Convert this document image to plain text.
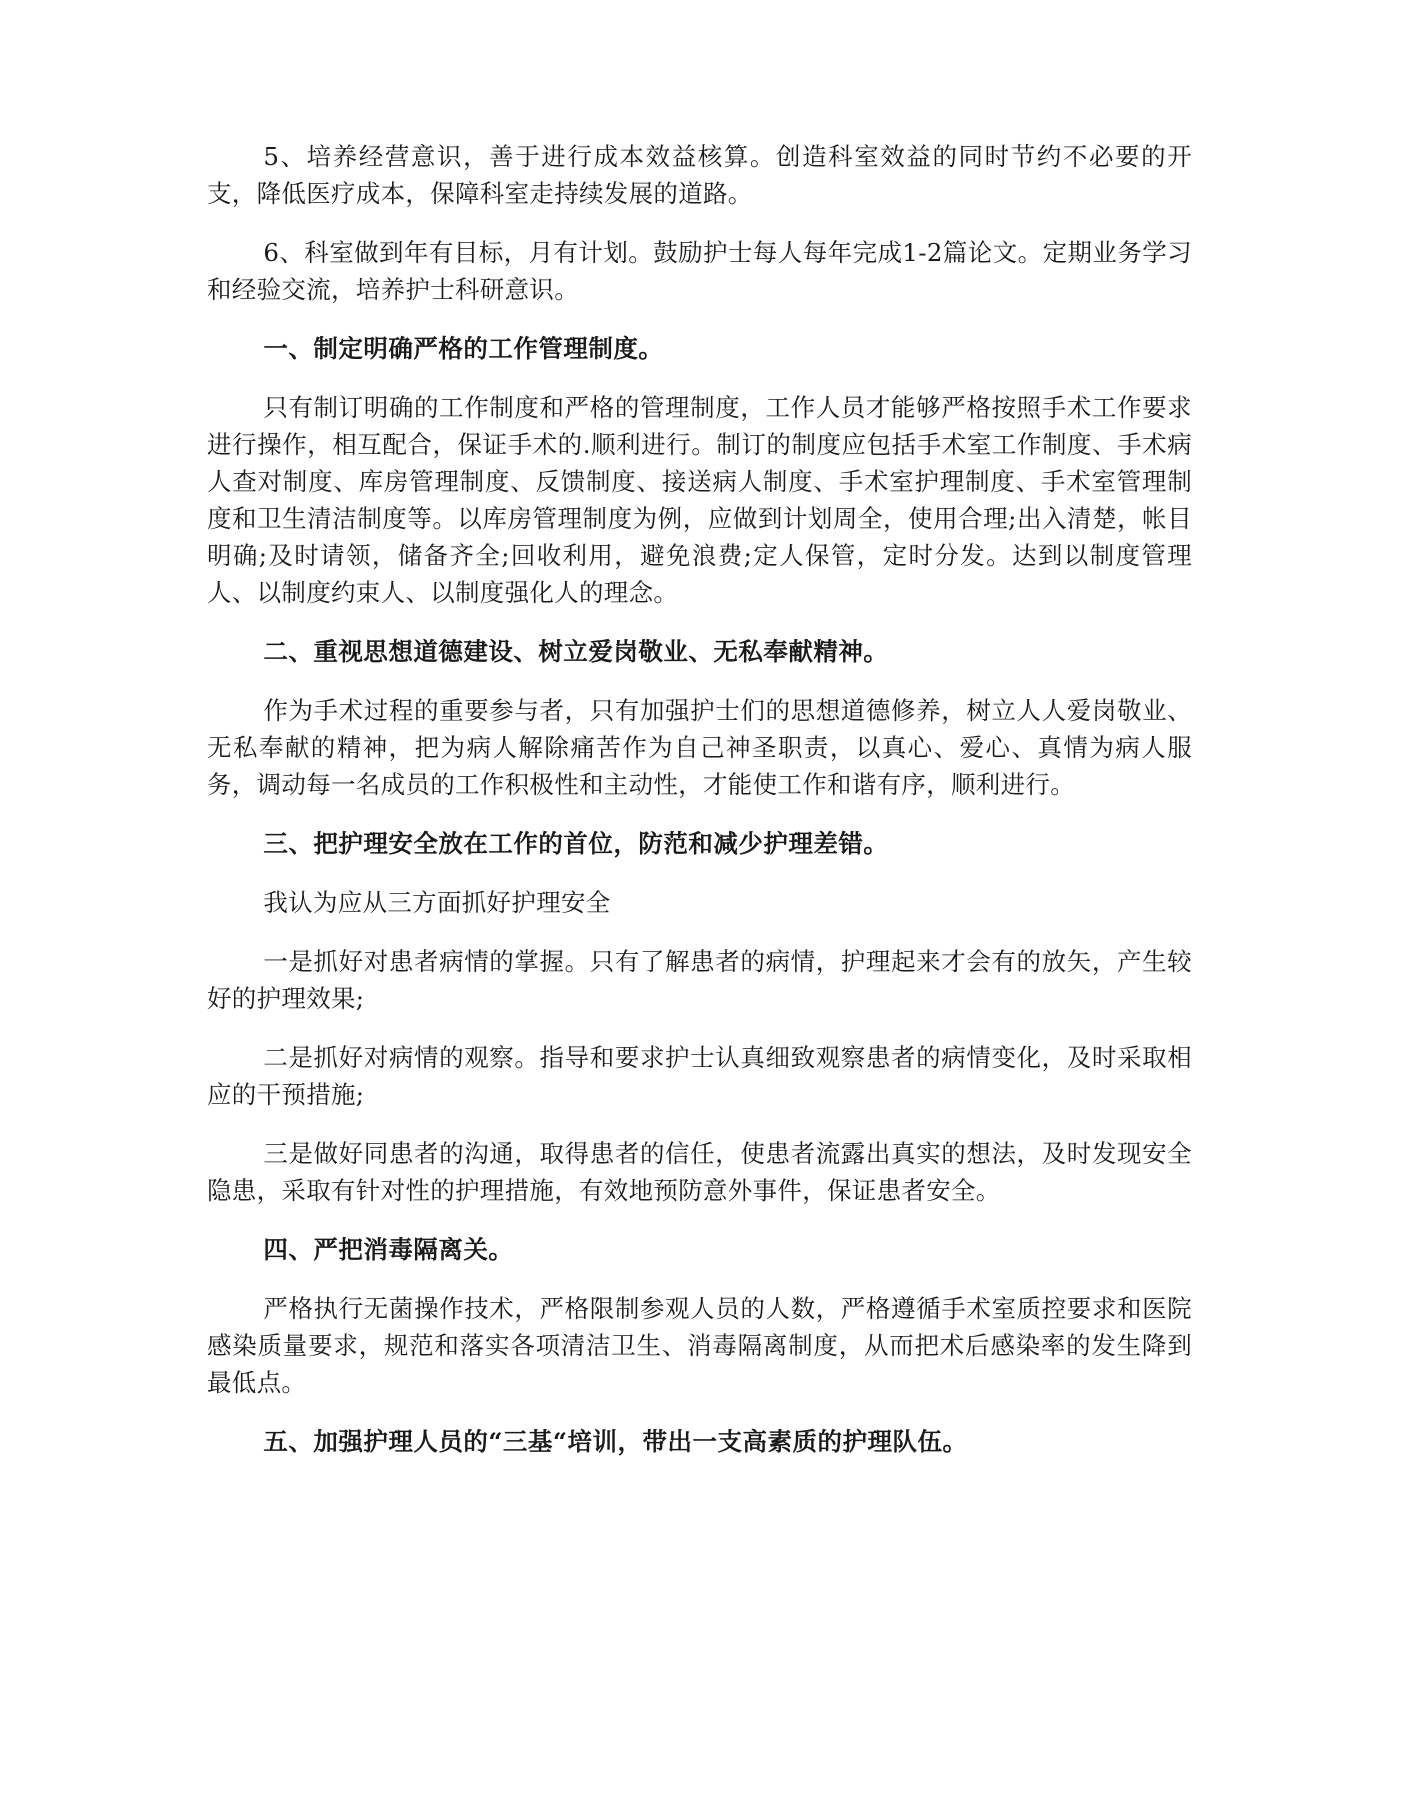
5、培养经营意识，善于进行成本效益核算。创造科室效益的同时节约不必要的开支，降低医疗成本，保障科室走持续发展的道路。

6、科室做到年有目标，月有计划。鼓励护士每人每年完成1-2篇论文。定期业务学习和经验交流，培养护士科研意识。

一、制定明确严格的工作管理制度。

只有制订明确的工作制度和严格的管理制度，工作人员才能够严格按照手术工作要求进行操作，相互配合，保证手术的.顺利进行。制订的制度应包括手术室工作制度、手术病人查对制度、库房管理制度、反馈制度、接送病人制度、手术室护理制度、手术室管理制度和卫生清洁制度等。以库房管理制度为例，应做到计划周全，使用合理;出入清楚，帐目明确;及时请领，储备齐全;回收利用，避免浪费;定人保管，定时分发。达到以制度管理人、以制度约束人、以制度强化人的理念。

二、重视思想道德建设、树立爱岗敬业、无私奉献精神。

作为手术过程的重要参与者，只有加强护士们的思想道德修养，树立人人爱岗敬业、无私奉献的精神，把为病人解除痛苦作为自己神圣职责，以真心、爱心、真情为病人服务，调动每一名成员的工作积极性和主动性，才能使工作和谐有序，顺利进行。

三、把护理安全放在工作的首位，防范和减少护理差错。

我认为应从三方面抓好护理安全

一是抓好对患者病情的掌握。只有了解患者的病情，护理起来才会有的放矢，产生较好的护理效果;

二是抓好对病情的观察。指导和要求护士认真细致观察患者的病情变化，及时采取相应的干预措施;

三是做好同患者的沟通，取得患者的信任，使患者流露出真实的想法，及时发现安全隐患，采取有针对性的护理措施，有效地预防意外事件，保证患者安全。

四、严把消毒隔离关。

严格执行无菌操作技术，严格限制参观人员的人数，严格遵循手术室质控要求和医院感染质量要求，规范和落实各项清洁卫生、消毒隔离制度，从而把术后感染率的发生降到最低点。

五、加强护理人员的“三基“培训，带出一支高素质的护理队伍。
